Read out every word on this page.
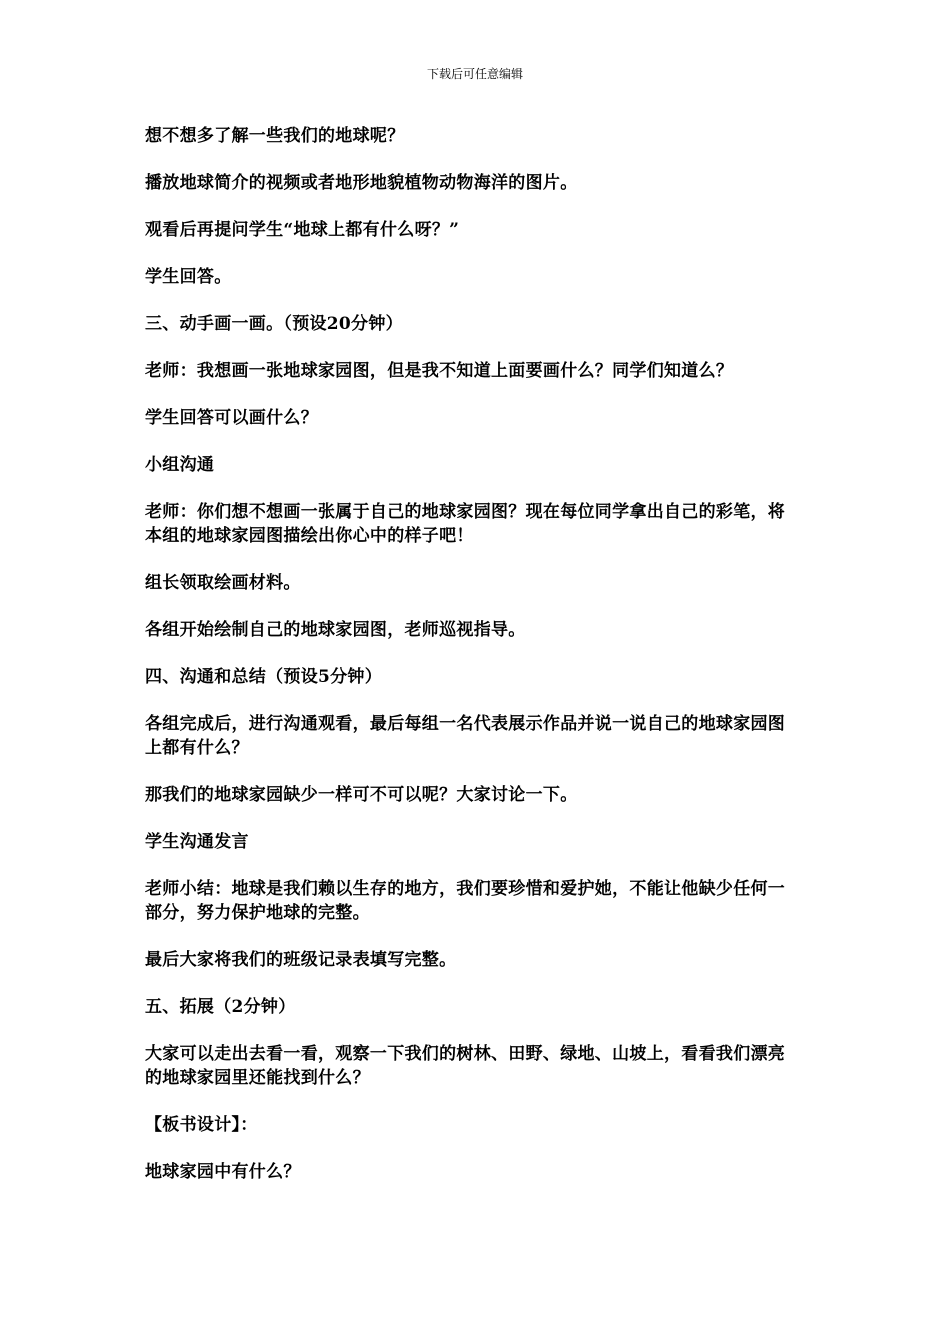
下载后可任意编辑

想不想多了解一些我们的地球呢？

播放地球简介的视频或者地形地貌植物动物海洋的图片。

观看后再提问学生“地球上都有什么呀？”

学生回答。

三、动手画一画。（预设20分钟）

老师：我想画一张地球家园图，但是我不知道上面要画什么？同学们知道么？

学生回答可以画什么？

小组沟通

老师：你们想不想画一张属于自己的地球家园图？现在每位同学拿出自己的彩笔，将本组的地球家园图描绘出你心中的样子吧！

组长领取绘画材料。

各组开始绘制自己的地球家园图，老师巡视指导。

四、沟通和总结（预设5分钟）

各组完成后，进行沟通观看，最后每组一名代表展示作品并说一说自己的地球家园图上都有什么？

那我们的地球家园缺少一样可不可以呢？大家讨论一下。

学生沟通发言

老师小结：地球是我们赖以生存的地方，我们要珍惜和爱护她，不能让他缺少任何一部分，努力保护地球的完整。

最后大家将我们的班级记录表填写完整。

五、拓展（2分钟）

大家可以走出去看一看，观察一下我们的树林、田野、绿地、山坡上，看看我们漂亮的地球家园里还能找到什么？

【板书设计】：

地球家园中有什么？
